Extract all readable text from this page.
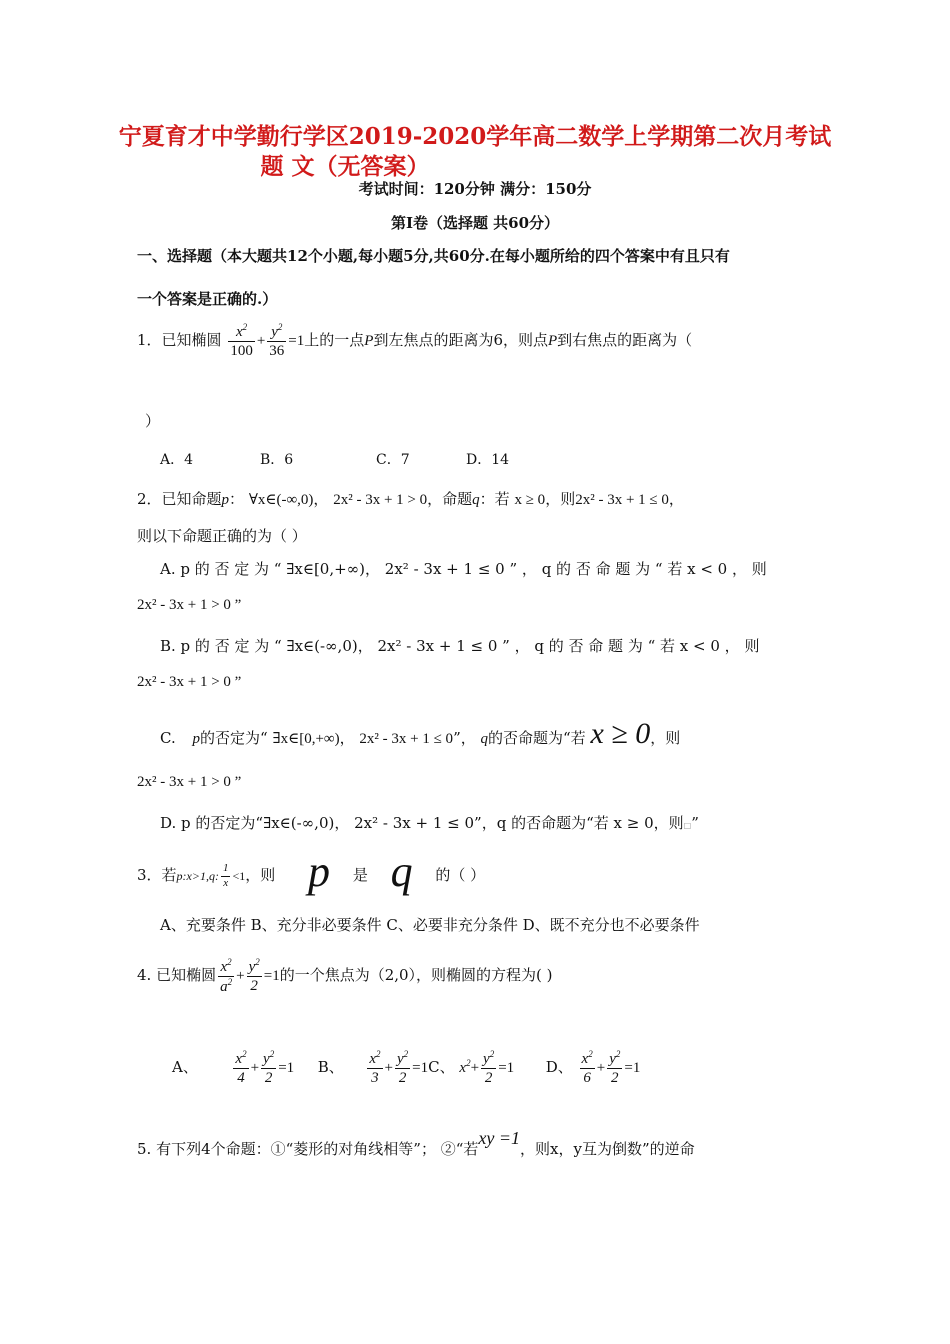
宁夏育才中学勤行学区2019-2020学年高二数学上学期第二次月考试
题 文（无答案）
考试时间：120分钟 满分：150分
第Ⅰ卷（选择题 共60分）
一、选择题（本大题共12个小题,每小题5分,共60分.在每小题所给的四个答案中有且只有
一个答案是正确的.）
1．已知椭圆 $\frac{x^2}{100} + \frac{y^2}{36} =1$上的一点P到左焦点的距离为6，则点P到右焦点的距离为（
）
A．4	B．6	C．7	D．14
2．已知命题p： ∀x∈(-∞,0)， 2x² - 3x + 1 > 0，命题q：若 x ≥ 0，则2x² - 3x + 1 ≤ 0，
则以下命题正确的为（ ）
A. p 的 否 定 为 “ ∃x∈[0,+∞)， 2x² - 3x + 1 ≤ 0 ” ， q 的 否 命 题 为 “ 若 x < 0 ， 则
2x² - 3x + 1 > 0 ”
B. p 的 否 定 为 “ ∃x∈(-∞,0)， 2x² - 3x + 1 ≤ 0 ” ， q 的 否 命 题 为 “ 若 x < 0 ， 则
2x² - 3x + 1 > 0 ”
C. p的否定为“ ∃x∈[0,+∞)， 2x² - 3x + 1 ≤ 0”， q的否命题为“若 x ≥ 0，则
2x² - 3x + 1 > 0 ”
D. p 的否定为“∃x∈(-∞,0)， 2x² - 3x + 1 ≤ 0”，q 的否命题为“若 x ≥ 0，则□”
3．若p:x>1,q: $\frac{1}{x} <1$，则 p 是 q 的（ ）
A、充要条件 B、充分非必要条件 C、必要非充分条件 D、既不充分也不必要条件
4. 已知椭圆 $\frac{x^2}{a^2} + \frac{y^2}{2} =1$的一个焦点为（2,0），则椭圆的方程为( )
A、 $\frac{x^2}{4} + \frac{y^2}{2} =1$ B、 $\frac{x^2}{3} + \frac{y^2}{2} =1C$、 $x^2+ \frac{y^2}{2} =1$ D、 $\frac{x^2}{6} + \frac{y^2}{2} =1$
5. 有下列4个命题：①“菱形的对角线相等”； ②“若xy =1，则x，y互为倒数”的逆命
